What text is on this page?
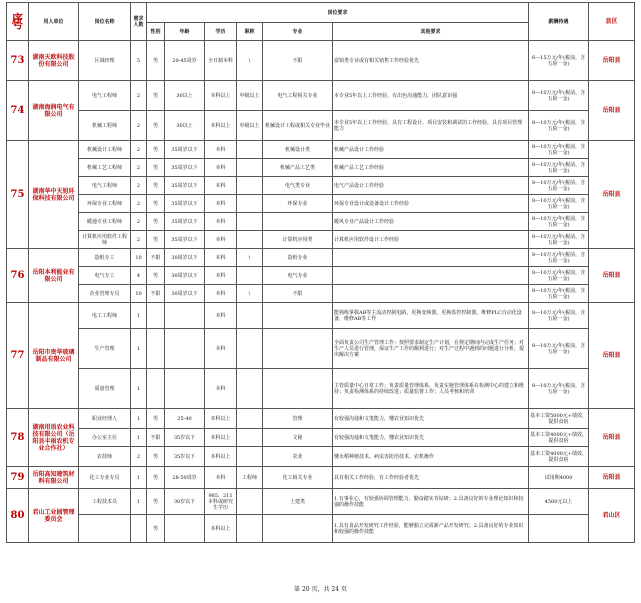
序号	用人单位	岗位名称	需求人数	岗位要求						薪酬待遇	县区
				性别	年龄	学历	职称	专业	其他要求		
73	湖南天欧科技股份有限公司	区域经理	5	男	20-45周岁	全日制本科	\	不限	富销类专业或有相关销售工作经验优先	6—15万元/年(税前，含五险一金)	岳阳县
74	湖南海润电气有限公司	电气工程师	2	男	30以上	本科以上	中级以上	电气工程相关专业	本专业5年以上工作经验，有出色沟通能力、团队意识强	8—10万元/年(税前，含五险一金)	岳阳县
		机械工程师	2	男	30以上	本科以上	中级以上	机械设计工程或相关专业毕业	本专业5年以上工作经验，具有工程设计、项目安装和调试的工作经验，具有项目管理能力	8—10万元/年(税前，含五险一金)	
75	湖南华中天旭环保科技有限公司	机械设计工程师	2	男	35周岁以下	本科		机械设计类	机械产品设计工作经验	8—10万元/年(税前，含五险一金)	岳阳县
		机械工艺工程师	2	男	35周岁以下	本科		机械产品工艺类	机械产品工艺工作经验	8—10万元/年(税前，含五险一金)	
		电气工程师	2	男	35周岁以下	本科		电气类专业	电气产品设计工作经验	8—10万元/年(税前，含五险一金)	
		环保专业工程师	2	男	35周岁以下	本科		环保专业	环保专业设计或设备设计工作经验	8—10万元/年(税前，含五险一金)	
		暖通专业工程师	2	男	35周岁以下	本科			暖风专业产品设计工作经验	8—10万元/年(税前，含五险一金)	
		计算机应用软件工程师	2	男	35周岁以下	本科		计算机应用类	计算机应用软件设计工作经验	8—10万元/年(税前，含五险一金)	
76	岳阳本利能业有限公司	造纸专工	10	不限	30周岁以下	本科	\	造纸专业		8—10万元/年(税前，含五险一金)	岳阳县
		电气专工	4	男	30周岁以下	本科		电气专业		8—10万元/年(税前，含五险一金)	
		企业管理专员	10	不限	30周岁以下	本科	\	不限		8—10万元/年(税前，含五险一金)	
77	岳阳市贵华玻璃制品有限公司	电工工程师	1			本科			能熟练掌握AB等主流动控制电路，更换变频器，更换监控控制器，维修PLC自动化设备，维修AB等工作	8—10万元/年(税前，含五险一金)	岳阳县
		生产管理	1			本科			全面负责公司生产管理工作；按照要求制定生产计划，在规定期间内完成生产任务；对生产人员进行管理，保证生产工作的顺利进行；对生产过程中遇到的问题进行分析，提出解决方案	8—10万元/年(税前，含五险一金)	
		质量管理	1			本科			主管质量中心日常工作；负责质量管理体系，负责实施管理体系在检测中心的建立和维持；负责检测体系的持续改进；质量监督工作；人员考核和培训	8—10万元/年(税前，含五险一金)	
78	湖南用语农业科技有限公司（岳阳县丰雨农机专业合作社）	职业经理人	1	男	25-40	本科以上		管理	有较强沟通和文笔能力，懂农业知识优先	基本工资5000元+绩效，提供食宿	岳阳县
		办公室主任	1	不限	35岁以下	本科以上		文秘	有较强沟通和文笔能力，懂农业知识优先	基本工资4000元+绩效，提供食宿	
		农技师	2	男	35岁以下	本科以上		农业	懂水稻种植技术、病虫害防治技术、农机操作	基本工资4000元+绩效，提供食宿	
79	岳阳高知建筑材料有限公司	化工专业专员	1	男	28-50周岁	本科	工程师	化工相关专业	具有相关工作经验，有工作经验者优先	试用期4000	岳阳县
80	君山工业园管理委员会	工程技术员	1	男	30岁以下	985、211本科或研究生学历		土建类	1.有事业心，有较强协调管理能力、勤奋踏实肯钻研；2.具备良好的专业理论知识和较强的操作技能	4500元以上	君山区
				男		本科以上			1.具有食品开发研究工作经验，能够独立完成新产品开发研究；2.具备良好的专业知识和较强的操作技能		
第 20 页，共 24 页
